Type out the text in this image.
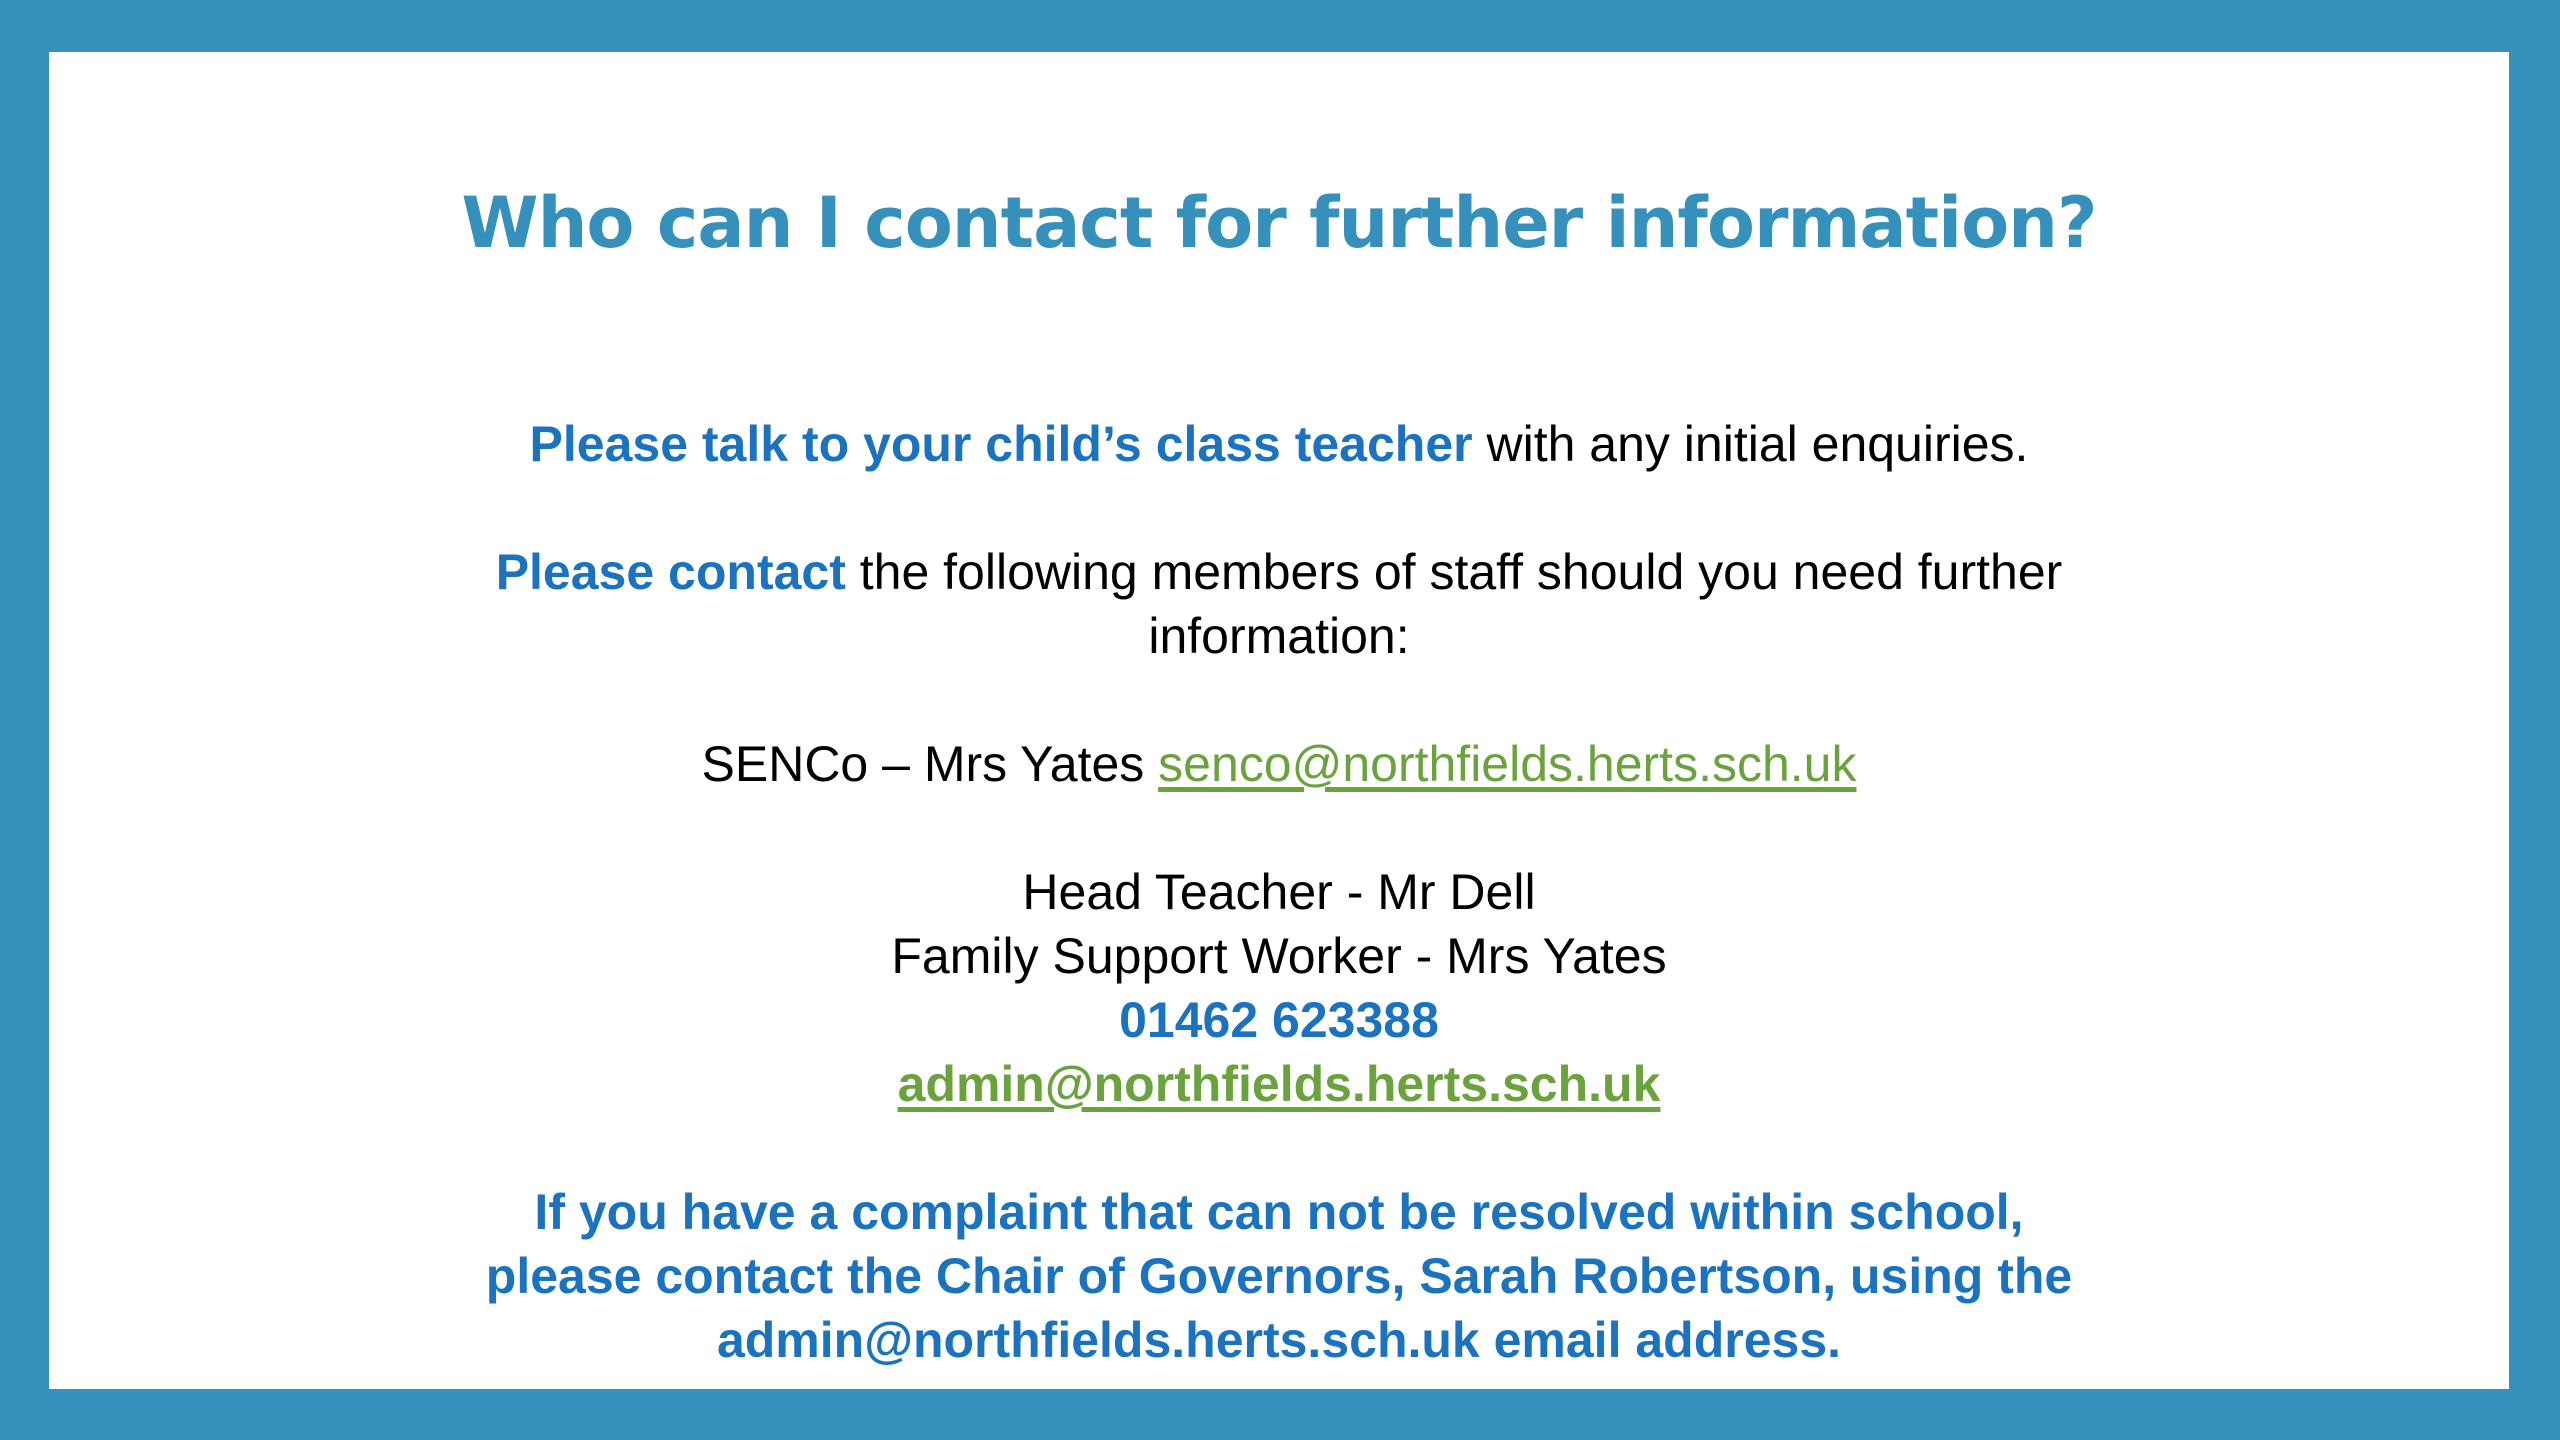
Who can I contact for further information?

Please talk to your child’s class teacher with any initial enquiries.

Please contact the following members of staff should you need further

information:

SENCo – Mrs Yates senco@northfields.herts.sch.uk

Head Teacher - Mr Dell

Family Support Worker - Mrs Yates

01462 623388

admin@northfields.herts.sch.uk

If you have a complaint that can not be resolved within school,

please contact the Chair of Governors, Sarah Robertson, using the

admin@northfields.herts.sch.uk email address.
